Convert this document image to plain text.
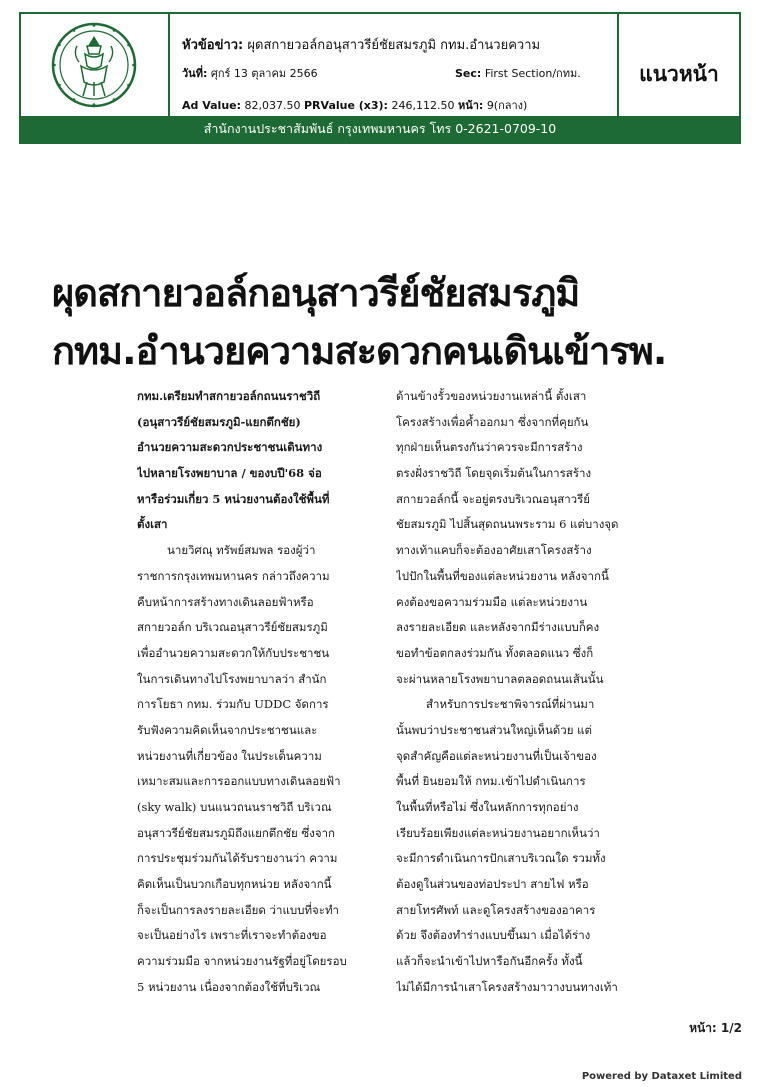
หัวข้อข่าว: ผุดสกายวอล์กอนุสาวรีย์ชัยสมรภูมิ กทม.อำนวยความ
วันที่: ศุกร์ 13 ตุลาคม 2566	Sec: First Section/กทม.
Ad Value: 82,037.50 PRValue (x3): 246,112.50 หน้า: 9(กลาง)
แนวหน้า
สำนักงานประชาสัมพันธ์ กรุงเทพมหานคร โทร 0-2621-0709-10
ผุดสกายวอล์กอนุสาวรีย์ชัยสมรภูมิ
กทม.อำนวยความสะดวกคนเดินเข้ารพ.
กทม.เตรียมทำสกายวอล์กถนนราชวิถี
(อนุสาวรีย์ชัยสมรภูมิ-แยกตึกชัย)
อำนวยความสะดวกประชาชนเดินทาง
ไปหลายโรงพยาบาล / ของบปี'68 จ่อ
หารือร่วมเกี่ยว 5 หน่วยงานต้องใช้พื้นที่
ตั้งเสา
นายวิศณุ ทรัพย์สมพล รองผู้ว่า
ราชการกรุงเทพมหานคร กล่าวถึงความ
คืบหน้าการสร้างทางเดินลอยฟ้าหรือ
สกายวอล์ก บริเวณอนุสาวรีย์ชัยสมรภูมิ
เพื่ออำนวยความสะดวกให้กับประชาชน
ในการเดินทางไปโรงพยาบาลว่า สำนัก
การโยธา กทม. ร่วมกับ UDDC จัดการ
รับฟังความคิดเห็นจากประชาชนและ
หน่วยงานที่เกี่ยวข้อง ในประเด็นความ
เหมาะสมและการออกแบบทางเดินลอยฟ้า
(sky walk) บนแนวถนนราชวิถี บริเวณ
อนุสาวรีย์ชัยสมรภูมิถึงแยกตึกชัย ซึ่งจาก
การประชุมร่วมกันได้รับรายงานว่า ความ
คิดเห็นเป็นบวกเกือบทุกหน่วย หลังจากนี้
ก็จะเป็นการลงรายละเอียด ว่าแบบที่จะทำ
จะเป็นอย่างไร เพราะที่เราจะทำต้องขอ
ความร่วมมือ จากหน่วยงานรัฐที่อยู่โดยรอบ
5 หน่วยงาน เนื่องจากต้องใช้ที่บริเวณ
ด้านข้างรั้วของหน่วยงานเหล่านี้ ตั้งเสา
โครงสร้างเพื่อค้ำออกมา ซึ่งจากที่คุยกัน
ทุกฝ่ายเห็นตรงกันว่าควรจะมีการสร้าง
ตรงฝั่งราชวิถี โดยจุดเริ่มต้นในการสร้าง
สกายวอล์กนี้ จะอยู่ตรงบริเวณอนุสาวรีย์
ชัยสมรภูมิ ไปสิ้นสุดถนนพระราม 6 แต่บางจุด
ทางเท้าแคบก็จะต้องอาศัยเสาโครงสร้าง
ไปปักในพื้นที่ของแต่ละหน่วยงาน หลังจากนี้
คงต้องขอความร่วมมือ แต่ละหน่วยงาน
ลงรายละเอียด และหลังจากมีร่างแบบก็คง
ขอทำข้อตกลงร่วมกัน ทั้งตลอดแนว ซึ่งก็
จะผ่านหลายโรงพยาบาลตลอดถนนเส้นนั้น
สำหรับการประชาพิจารณ์ที่ผ่านมา
นั้นพบว่าประชาชนส่วนใหญ่เห็นด้วย แต่
จุดสำคัญคือแต่ละหน่วยงานที่เป็นเจ้าของ
พื้นที่ ยินยอมให้ กทม.เข้าไปดำเนินการ
ในพื้นที่หรือไม่ ซึ่งในหลักการทุกอย่าง
เรียบร้อยเพียงแต่ละหน่วยงานอยากเห็นว่า
จะมีการดำเนินการปักเสาบริเวณใด รวมทั้ง
ต้องดูในส่วนของท่อประปา สายไฟ หรือ
สายโทรศัพท์ และดูโครงสร้างของอาคาร
ด้วย จึงต้องทำร่างแบบขึ้นมา เมื่อได้ร่าง
แล้วก็จะนำเข้าไปหารือกันอีกครั้ง ทั้งนี้
ไม่ได้มีการนำเสาโครงสร้างมาวางบนทางเท้า
หน้า: 1/2
Powered by Dataxet Limited
